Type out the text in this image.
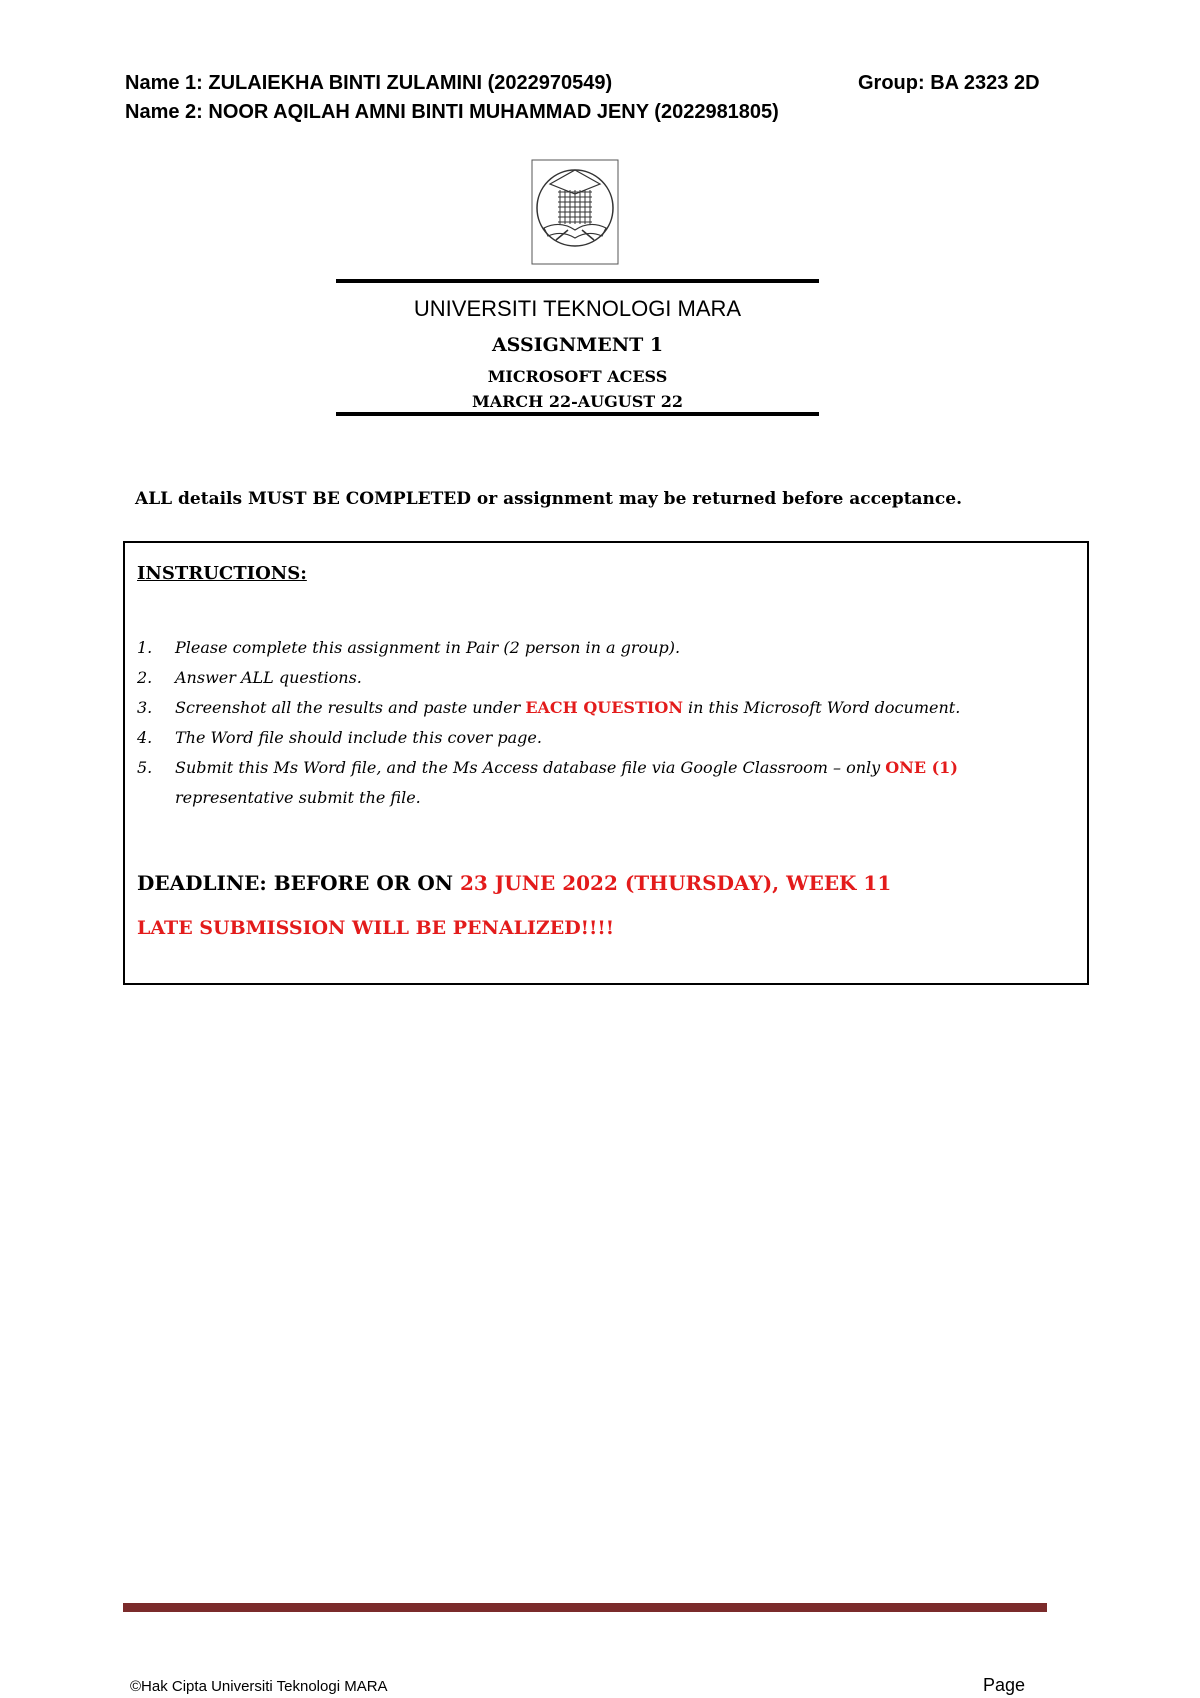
Name 1: ZULAIEKHA BINTI ZULAMINI (2022970549)
Name 2: NOOR AQILAH AMNI BINTI MUHAMMAD JENY (2022981805)
Group: BA 2323 2D
UNIVERSITI TEKNOLOGI MARA
ASSIGNMENT 1
MICROSOFT ACESS
MARCH 22-AUGUST 22
ALL details MUST BE COMPLETED or assignment may be returned before acceptance.
INSTRUCTIONS:
1. Please complete this assignment in Pair (2 person in a group).
2. Answer ALL questions.
3. Screenshot all the results and paste under EACH QUESTION in this Microsoft Word document.
4. The Word file should include this cover page.
5. Submit this Ms Word file, and the Ms Access database file via Google Classroom – only ONE (1) representative submit the file.
DEADLINE: BEFORE OR ON 23 JUNE 2022 (THURSDAY), WEEK 11
LATE SUBMISSION WILL BE PENALIZED!!!!
©Hak Cipta Universiti Teknologi MARA	Page
